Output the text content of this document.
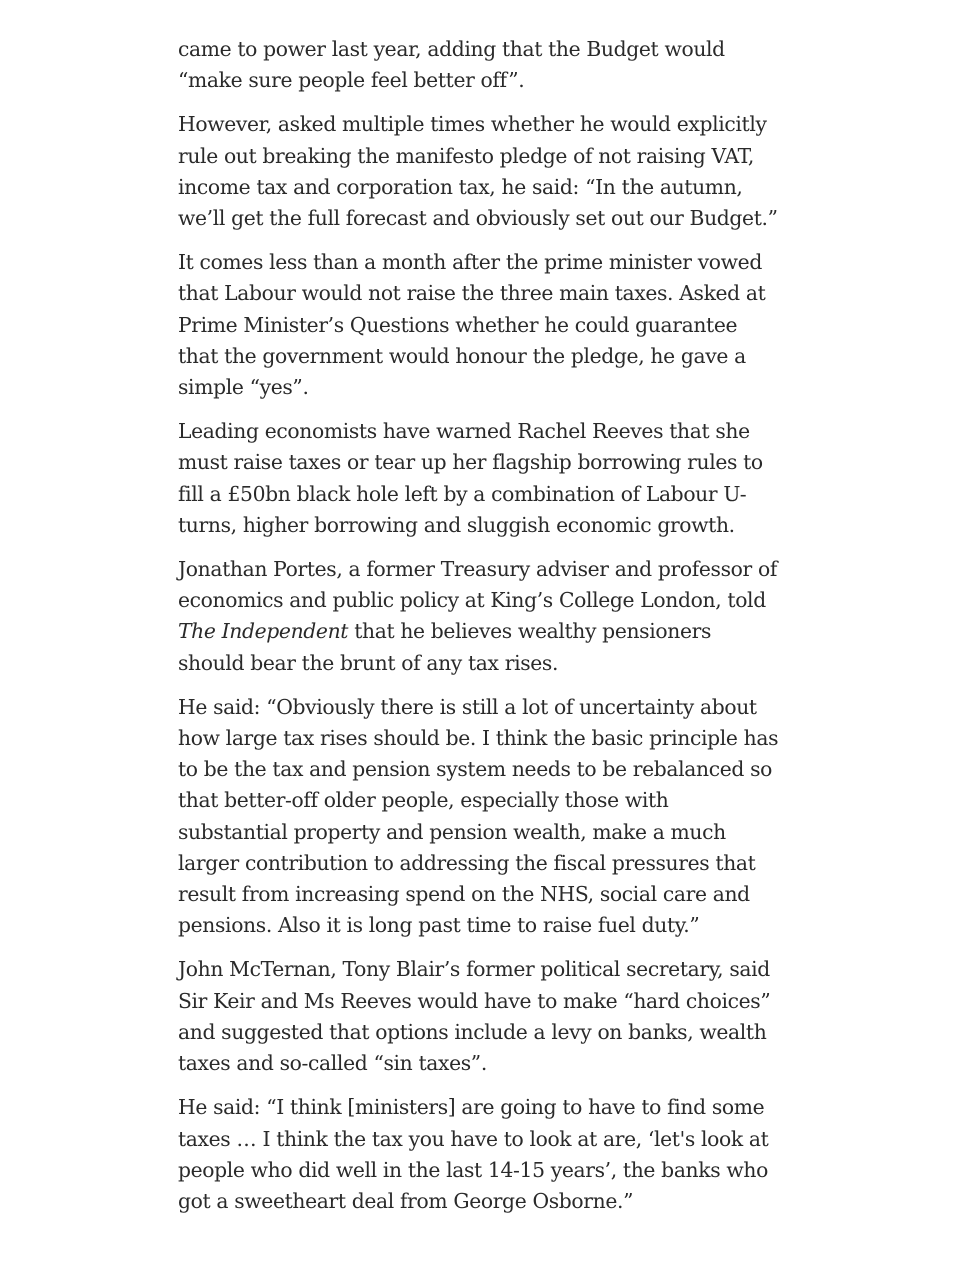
came to power last year, adding that the Budget would “make sure people feel better off”.

However, asked multiple times whether he would explicitly rule out breaking the manifesto pledge of not raising VAT, income tax and corporation tax, he said: “In the autumn, we’ll get the full forecast and obviously set out our Budget.”

It comes less than a month after the prime minister vowed that Labour would not raise the three main taxes. Asked at Prime Minister’s Questions whether he could guarantee that the government would honour the pledge, he gave a simple “yes”.

Leading economists have warned Rachel Reeves that she must raise taxes or tear up her flagship borrowing rules to fill a £50bn black hole left by a combination of Labour U-turns, higher borrowing and sluggish economic growth.

Jonathan Portes, a former Treasury adviser and professor of economics and public policy at King’s College London, told The Independent that he believes wealthy pensioners should bear the brunt of any tax rises.

He said: “Obviously there is still a lot of uncertainty about how large tax rises should be. I think the basic principle has to be the tax and pension system needs to be rebalanced so that better-off older people, especially those with substantial property and pension wealth, make a much larger contribution to addressing the fiscal pressures that result from increasing spend on the NHS, social care and pensions. Also it is long past time to raise fuel duty.”

John McTernan, Tony Blair’s former political secretary, said Sir Keir and Ms Reeves would have to make “hard choices” and suggested that options include a levy on banks, wealth taxes and so-called “sin taxes”.

He said: “I think [ministers] are going to have to find some taxes … I think the tax you have to look at are, ‘let's look at people who did well in the last 14-15 years’, the banks who got a sweetheart deal from George Osborne.”
